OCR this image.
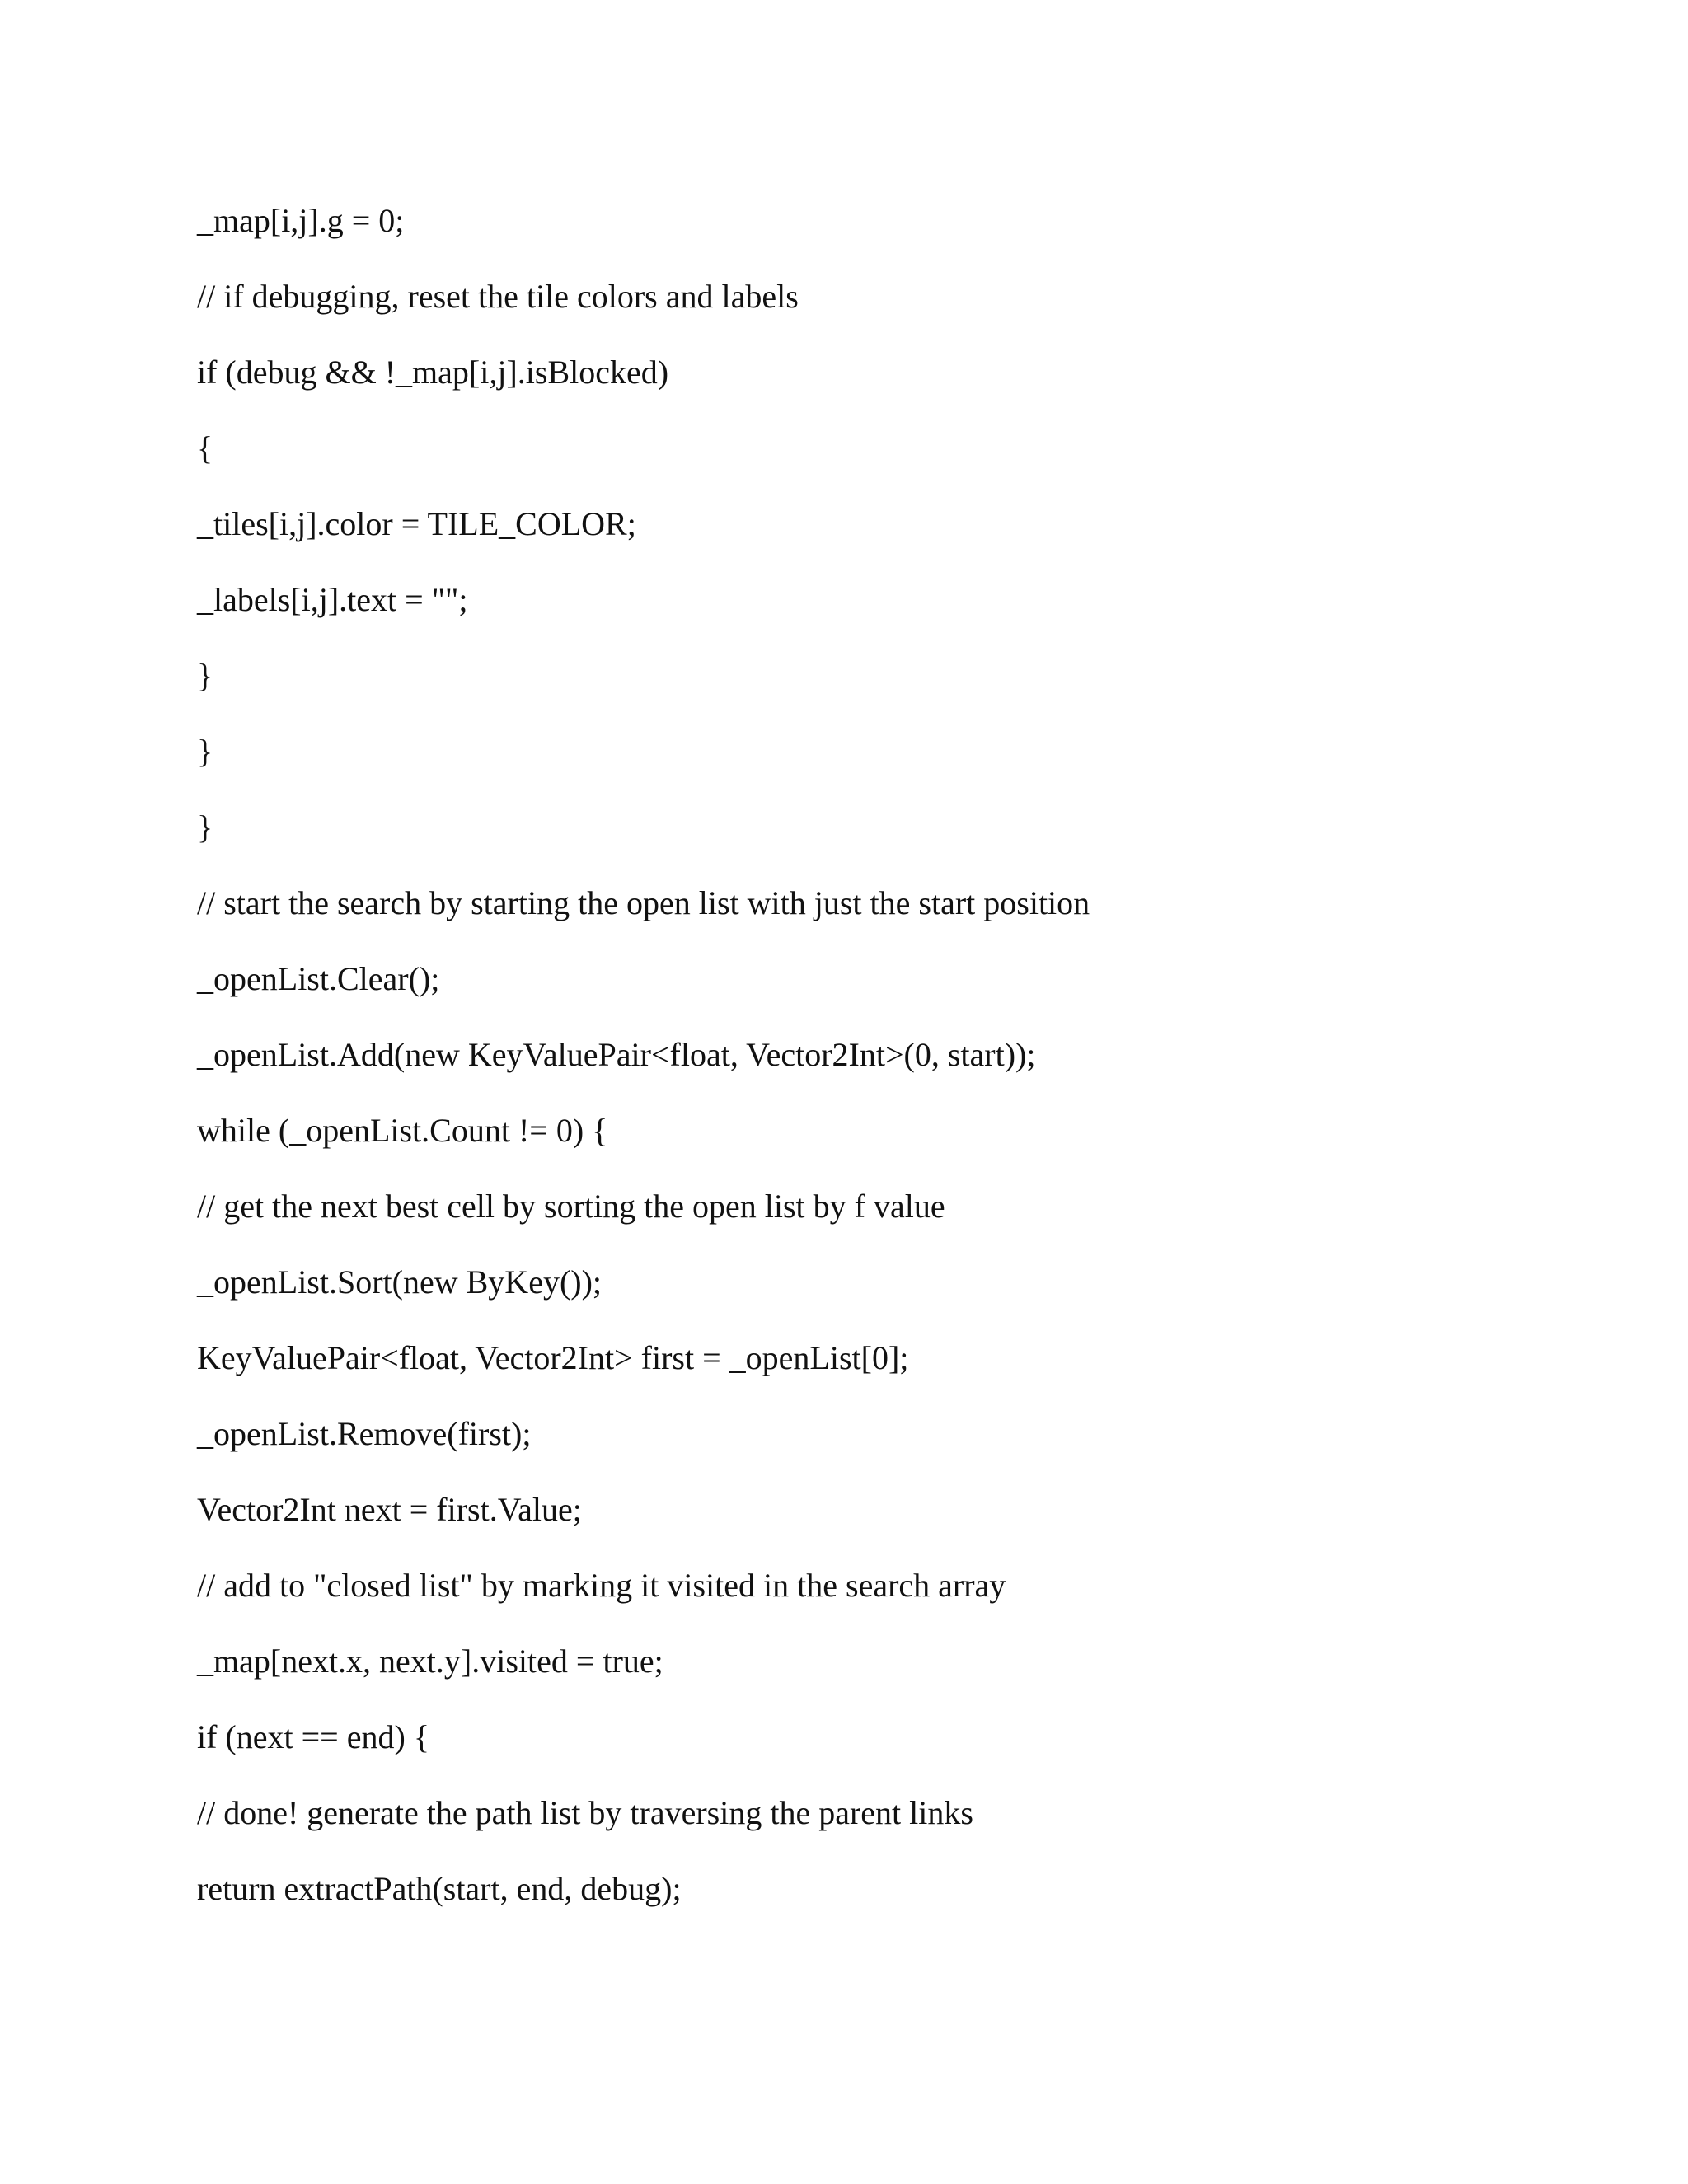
_map[i,j].g = 0;
// if debugging, reset the tile colors and labels
if (debug && !_map[i,j].isBlocked)
{
_tiles[i,j].color = TILE_COLOR;
_labels[i,j].text = "";
}
}
}
// start the search by starting the open list with just the start position
_openList.Clear();
_openList.Add(new KeyValuePair<float, Vector2Int>(0, start));
while (_openList.Count != 0) {
// get the next best cell by sorting the open list by f value
_openList.Sort(new ByKey());
KeyValuePair<float, Vector2Int> first = _openList[0];
_openList.Remove(first);
Vector2Int next = first.Value;
// add to "closed list" by marking it visited in the search array
_map[next.x, next.y].visited = true;
if (next == end) {
// done! generate the path list by traversing the parent links
return extractPath(start, end, debug);
